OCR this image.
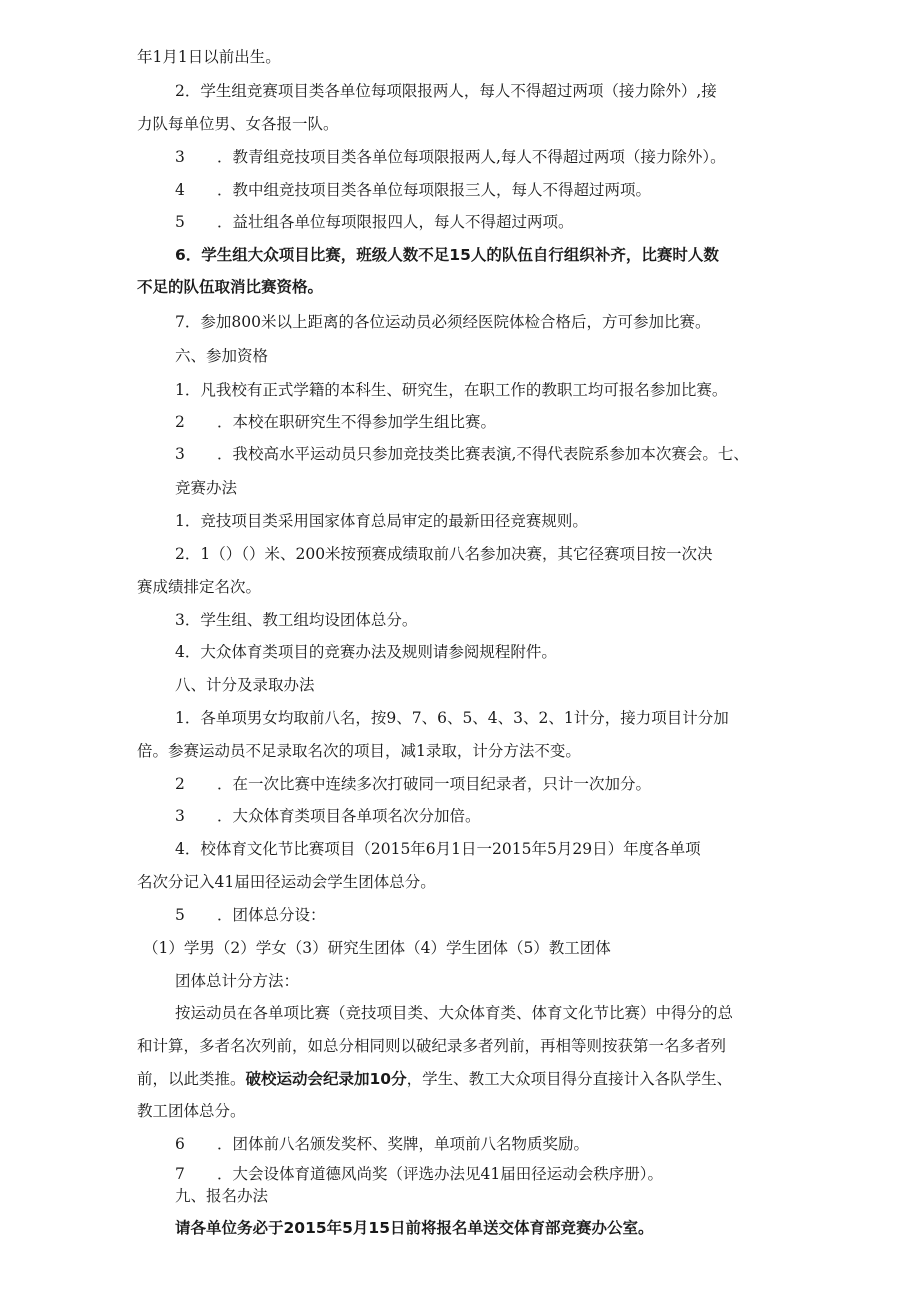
年1月1日以前出生。

2．学生组竞赛项目类各单位每项限报两人，每人不得超过两项（接力除外）,接

力队每单位男、女各报一队。

3 ．教青组竞技项目类各单位每项限报两人,每人不得超过两项（接力除外）。

4 ．教中组竞技项目类各单位每项限报三人，每人不得超过两项。

5 ．益壮组各单位每项限报四人，每人不得超过两项。

6．学生组大众项目比赛，班级人数不足15人的队伍自行组织补齐，比赛时人数

不足的队伍取消比赛资格。

7．参加800米以上距离的各位运动员必须经医院体检合格后，方可参加比赛。

六、参加资格

1．凡我校有正式学籍的本科生、研究生，在职工作的教职工均可报名参加比赛。

2 ．本校在职研究生不得参加学生组比赛。

3 ．我校高水平运动员只参加竞技类比赛表演,不得代表院系参加本次赛会。七、

竞赛办法

1．竞技项目类采用国家体育总局审定的最新田径竞赛规则。

2．1（）（）米、200米按预赛成绩取前八名参加决赛，其它径赛项目按一次决

赛成绩排定名次。

3．学生组、教工组均设团体总分。

4．大众体育类项目的竞赛办法及规则请参阅规程附件。

八、计分及录取办法

1．各单项男女均取前八名，按9、7、6、5、4、3、2、1计分，接力项目计分加

倍。参赛运动员不足录取名次的项目，减1录取，计分方法不变。

2 ．在一次比赛中连续多次打破同一项目纪录者，只计一次加分。

3 ．大众体育类项目各单项名次分加倍。

4．校体育文化节比赛项目（2015年6月1日一2015年5月29日）年度各单项

名次分记入41届田径运动会学生团体总分。

5 ．团体总分设：

（1）学男（2）学女（3）研究生团体（4）学生团体（5）教工团体

团体总计分方法：

按运动员在各单项比赛（竞技项目类、大众体育类、体育文化节比赛）中得分的总

和计算，多者名次列前，如总分相同则以破纪录多者列前，再相等则按获第一名多者列

前，以此类推。破校运动会纪录加10分，学生、教工大众项目得分直接计入各队学生、

教工团体总分。

6 ．团体前八名颁发奖杯、奖牌，单项前八名物质奖励。

7 ．大会设体育道德风尚奖（评选办法见41届田径运动会秩序册）。

九、报名办法

请各单位务必于2015年5月15日前将报名单送交体育部竞赛办公室。
